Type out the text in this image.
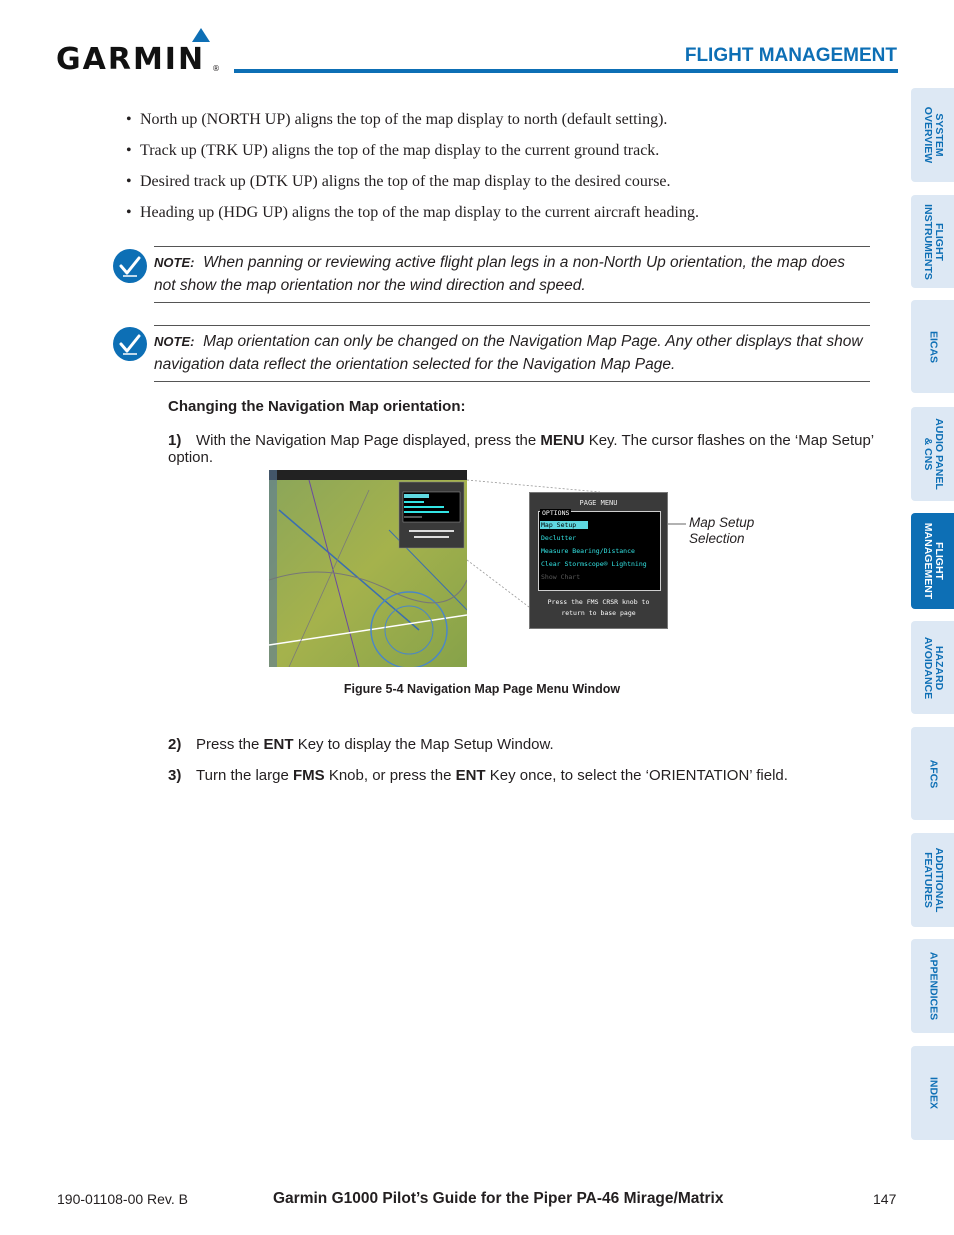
GARMIN ®
FLIGHT MANAGEMENT
SYSTEM
OVERVIEW
FLIGHT
INSTRUMENTS
EICAS
AUDIO PANEL
& CNS
FLIGHT
MANAGEMENT
HAZARD
AVOIDANCE
AFCS
ADDITIONAL
FEATURES
APPENDICES
INDEX
• North up (NORTH UP) aligns the top of the map display to north (default setting).
• Track up (TRK UP) aligns the top of the map display to the current ground track.
• Desired track up (DTK UP) aligns the top of the map display to the desired course.
• Heading up (HDG UP) aligns the top of the map display to the current aircraft heading.
NOTE: When panning or reviewing active flight plan legs in a non-North Up orientation, the map does not show the map orientation nor the wind direction and speed.
NOTE: Map orientation can only be changed on the Navigation Map Page. Any other displays that show navigation data reflect the orientation selected for the Navigation Map Page.
Changing the Navigation Map orientation:
1) With the Navigation Map Page displayed, press the MENU Key. The cursor flashes on the ‘Map Setup’ option.
PAGE MENU
OPTIONS
Map Setup
Declutter
Measure Bearing/Distance
Clear Stormscope® Lightning
Show Chart
Press the FMS CRSR knob to
return to base page
Map Setup
Selection
Figure 5-4 Navigation Map Page Menu Window
2) Press the ENT Key to display the Map Setup Window.
3) Turn the large FMS Knob, or press the ENT Key once, to select the ‘ORIENTATION’ field.
190-01108-00 Rev. B	Garmin G1000 Pilot’s Guide for the Piper PA-46 Mirage/Matrix	147
